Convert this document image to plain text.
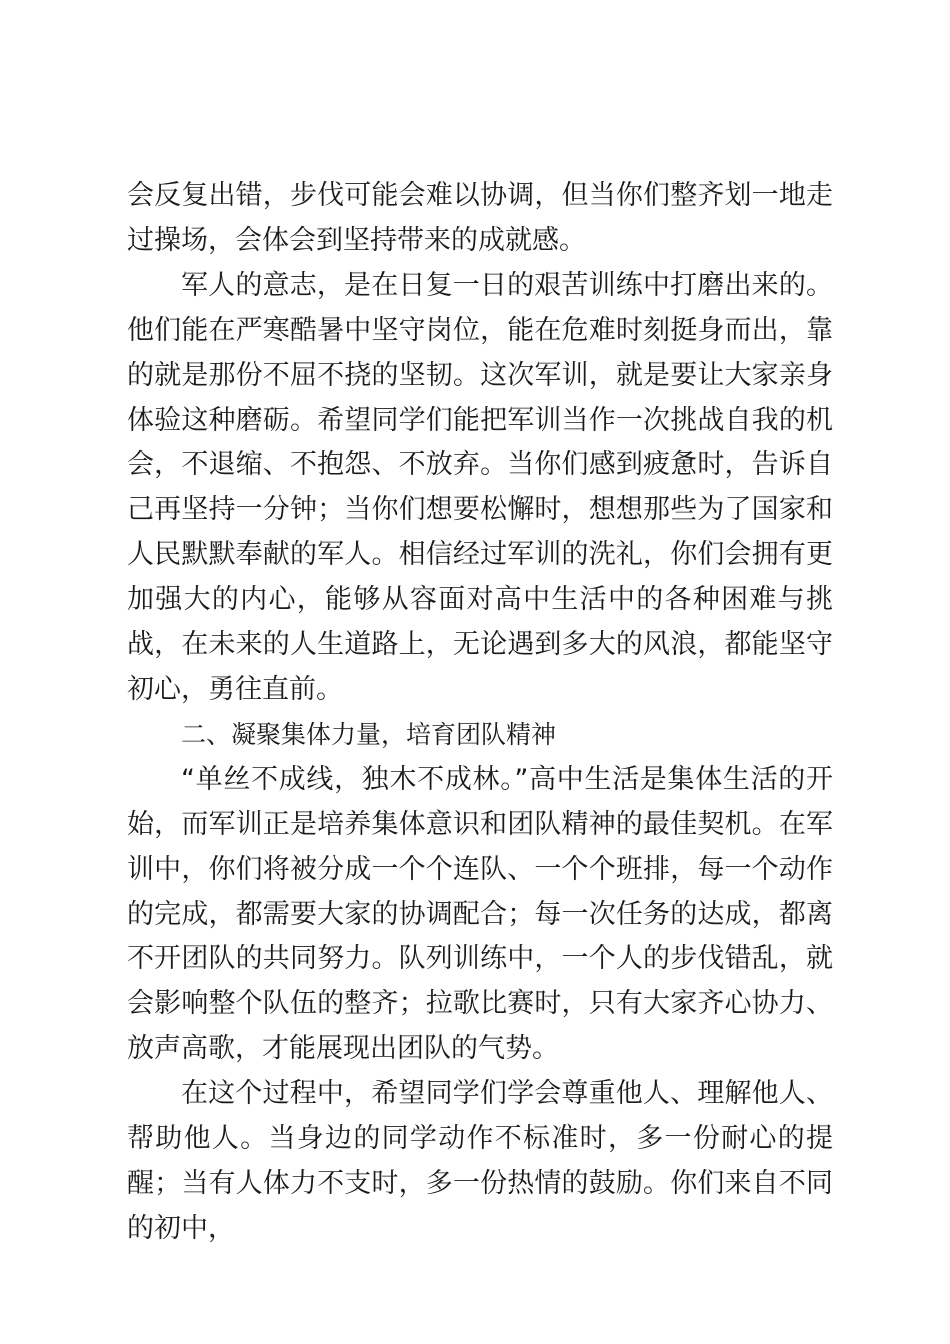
会反复出错，步伐可能会难以协调，但当你们整齐划一地走过操场，会体会到坚持带来的成就感。

军人的意志，是在日复一日的艰苦训练中打磨出来的。他们能在严寒酷暑中坚守岗位，能在危难时刻挺身而出，靠的就是那份不屈不挠的坚韧。这次军训，就是要让大家亲身体验这种磨砺。希望同学们能把军训当作一次挑战自我的机会，不退缩、不抱怨、不放弃。当你们感到疲惫时，告诉自己再坚持一分钟；当你们想要松懈时，想想那些为了国家和人民默默奉献的军人。相信经过军训的洗礼，你们会拥有更加强大的内心，能够从容面对高中生活中的各种困难与挑战，在未来的人生道路上，无论遇到多大的风浪，都能坚守初心，勇往直前。

二、凝聚集体力量，培育团队精神

“单丝不成线，独木不成林。”高中生活是集体生活的开始，而军训正是培养集体意识和团队精神的最佳契机。在军训中，你们将被分成一个个连队、一个个班排，每一个动作的完成，都需要大家的协调配合；每一次任务的达成，都离不开团队的共同努力。队列训练中，一个人的步伐错乱，就会影响整个队伍的整齐；拉歌比赛时，只有大家齐心协力、放声高歌，才能展现出团队的气势。

在这个过程中，希望同学们学会尊重他人、理解他人、帮助他人。当身边的同学动作不标准时，多一份耐心的提醒；当有人体力不支时，多一份热情的鼓励。你们来自不同的初中，
